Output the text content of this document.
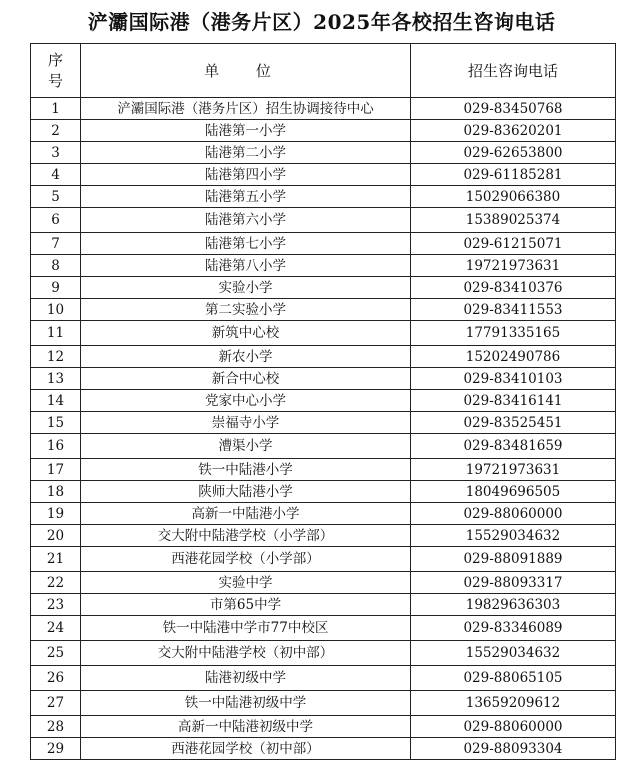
浐灞国际港（港务片区）2025年各校招生咨询电话
序号	单 位	招生咨询电话
1	浐灞国际港（港务片区）招生协调接待中心	029-83450768
2	陆港第一小学	029-83620201
3	陆港第二小学	029-62653800
4	陆港第四小学	029-61185281
5	陆港第五小学	15029066380
6	陆港第六小学	15389025374
7	陆港第七小学	029-61215071
8	陆港第八小学	19721973631
9	实验小学	029-83410376
10	第二实验小学	029-83411553
11	新筑中心校	17791335165
12	新农小学	15202490786
13	新合中心校	029-83410103
14	党家中心小学	029-83416141
15	崇福寺小学	029-83525451
16	漕渠小学	029-83481659
17	铁一中陆港小学	19721973631
18	陕师大陆港小学	18049696505
19	高新一中陆港小学	029-88060000
20	交大附中陆港学校（小学部）	15529034632
21	西港花园学校（小学部）	029-88091889
22	实验中学	029-88093317
23	市第65中学	19829636303
24	铁一中陆港中学市77中校区	029-83346089
25	交大附中陆港学校（初中部）	15529034632
26	陆港初级中学	029-88065105
27	铁一中陆港初级中学	13659209612
28	高新一中陆港初级中学	029-88060000
29	西港花园学校（初中部）	029-88093304
